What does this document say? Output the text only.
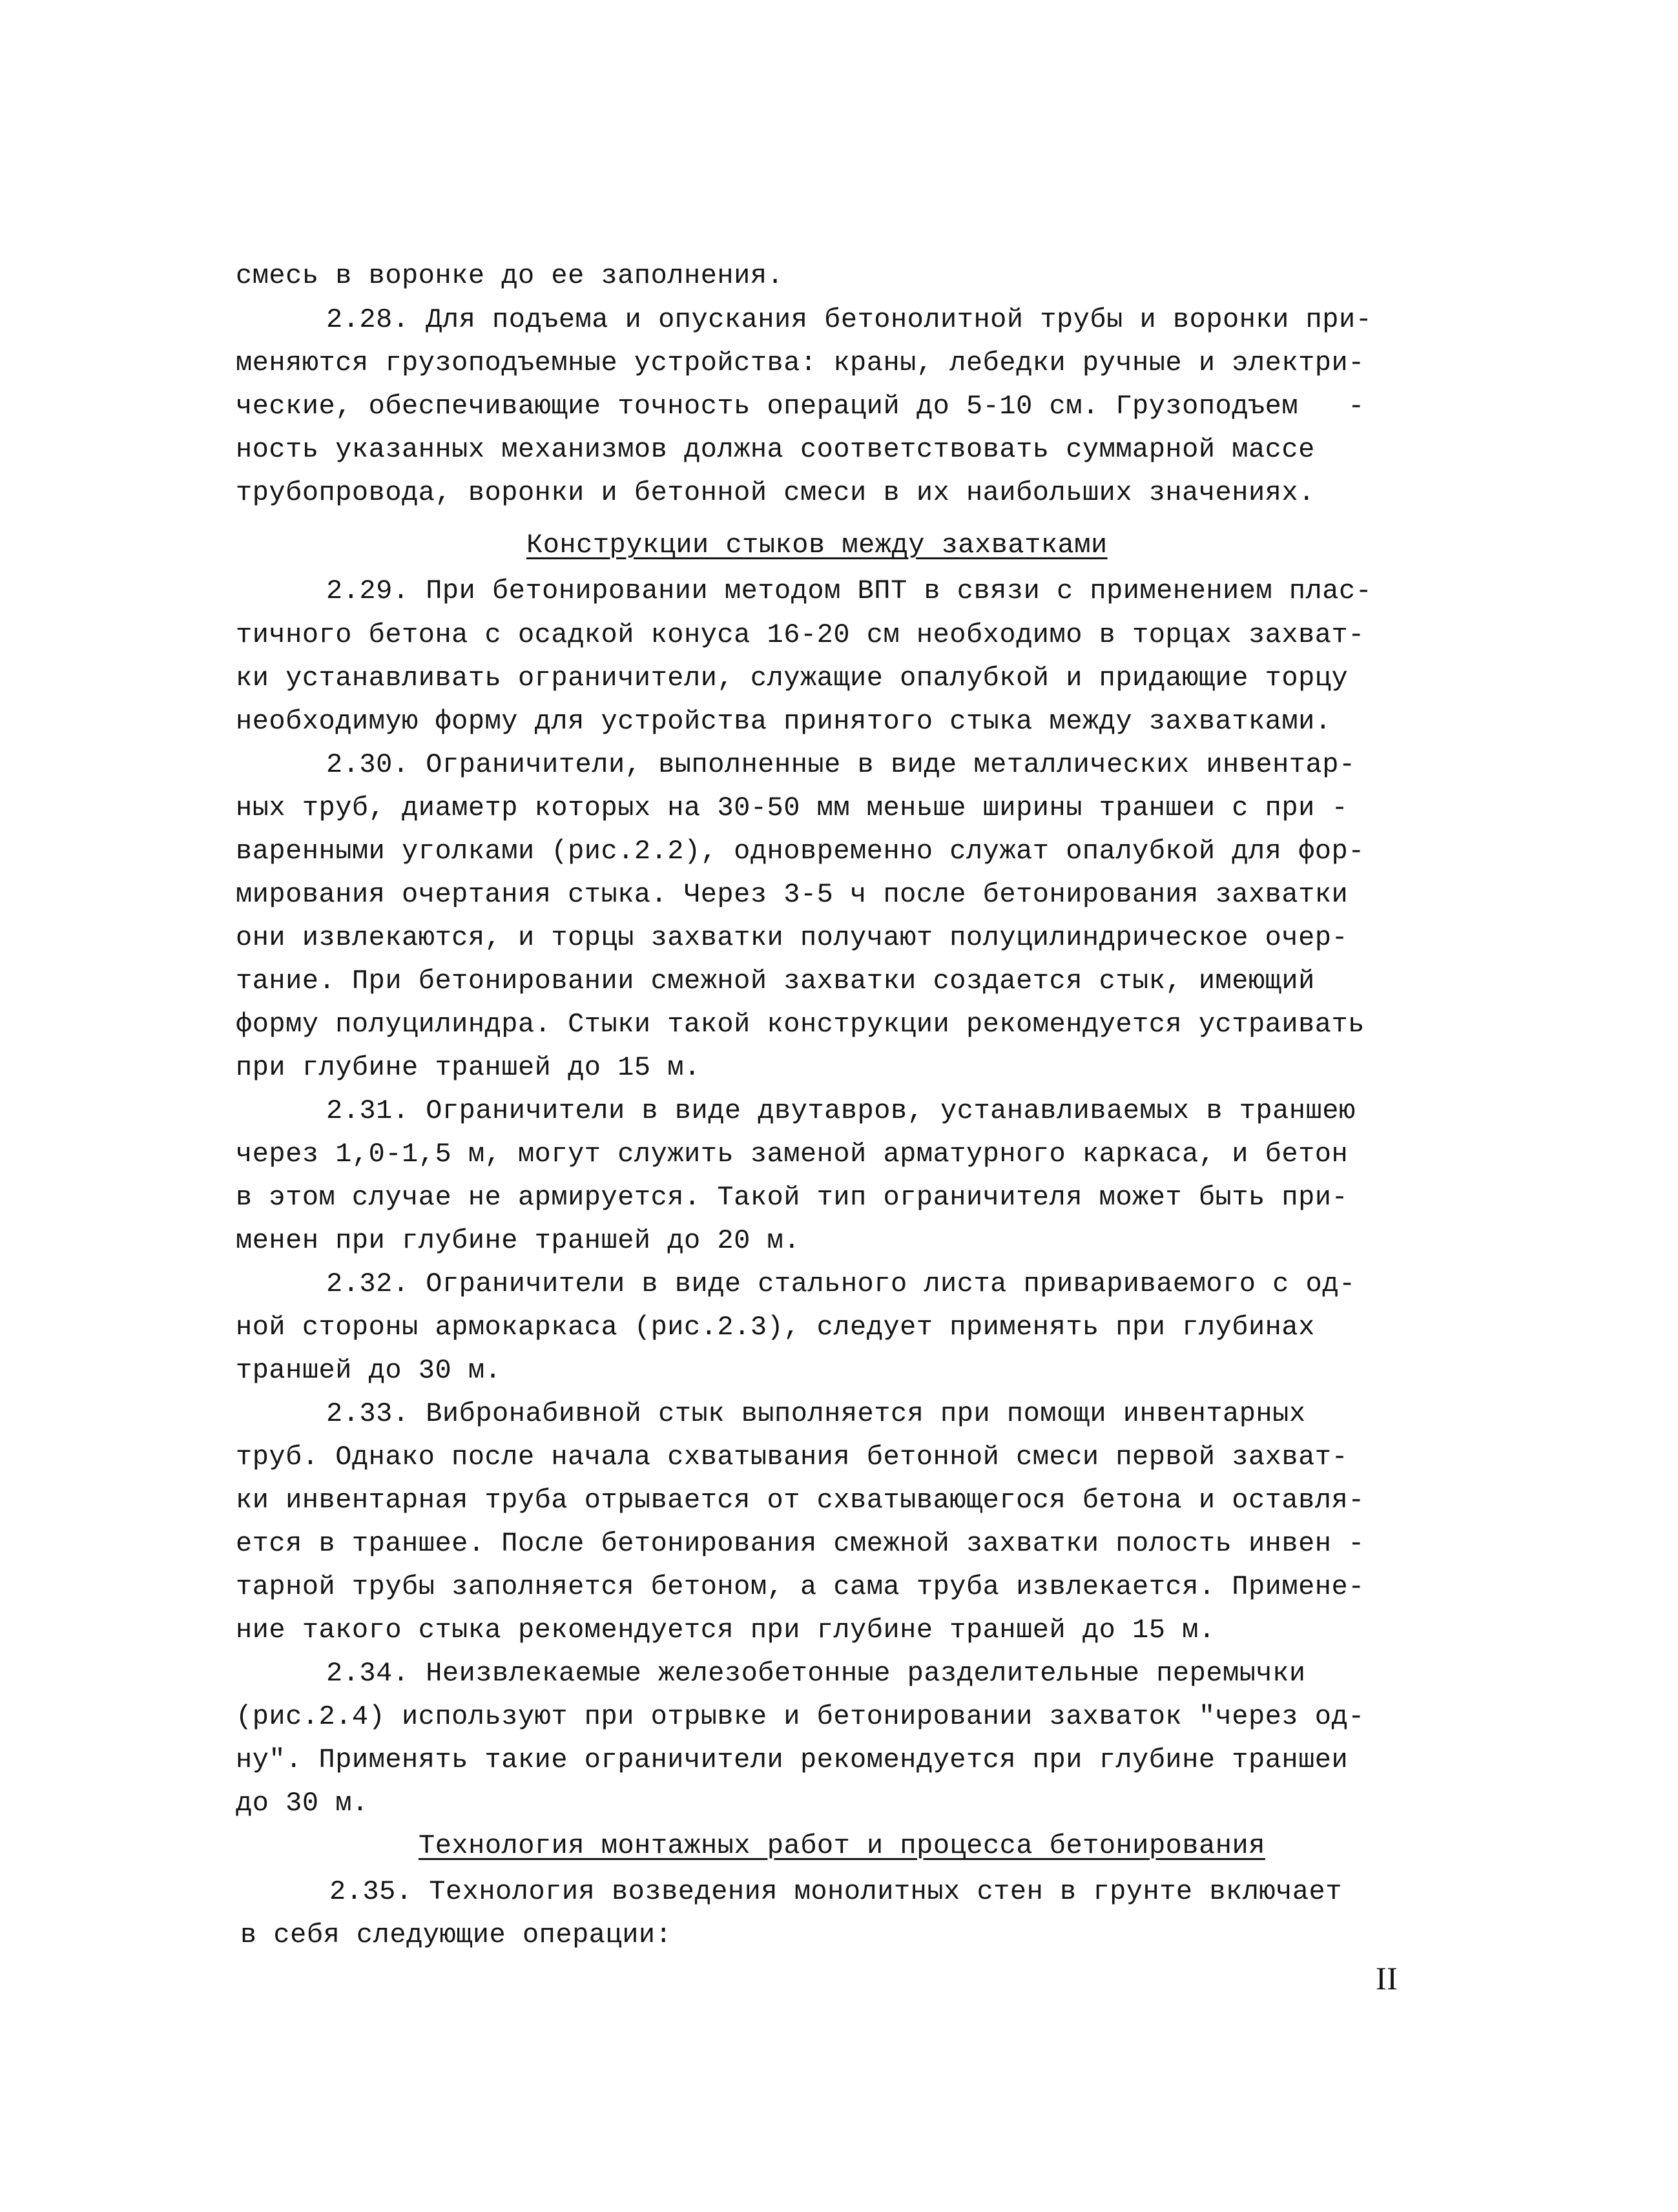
смесь в воронке до ее заполнения.
2.28. Для подъема и опускания бетонолитной трубы и воронки при-
меняются грузоподъемные устройства: краны, лебедки ручные и электри-
ческие, обеспечивающие точность операций до 5-10 см. Грузоподъем   -
ность указанных механизмов должна соответствовать суммарной массе
трубопровода, воронки и бетонной смеси в их наибольших значениях.
Конструкции стыков между захватками
2.29. При бетонировании методом ВПТ в связи с применением плас-
тичного бетона с осадкой конуса 16-20 см необходимо в торцах захват-
ки устанавливать ограничители, служащие опалубкой и придающие торцу
необходимую форму для устройства принятого стыка между захватками.
2.30. Ограничители, выполненные в виде металлических инвентар-
ных труб, диаметр которых на 30-50 мм меньше ширины траншеи с при -
варенными уголками (рис.2.2), одновременно служат опалубкой для фор-
мирования очертания стыка. Через 3-5 ч после бетонирования захватки
они извлекаются, и торцы захватки получают полуцилиндрическое очер-
тание. При бетонировании смежной захватки создается стык, имеющий
форму полуцилиндра. Стыки такой конструкции рекомендуется устраивать
при глубине траншей до 15 м.
2.31. Ограничители в виде двутавров, устанавливаемых в траншею
через 1,0-1,5 м, могут служить заменой арматурного каркаса, и бетон
в этом случае не армируется. Такой тип ограничителя может быть при-
менен при глубине траншей до 20 м.
2.32. Ограничители в виде стального листа привариваемого с од-
ной стороны армокаркаса (рис.2.3), следует применять при глубинах
траншей до 30 м.
2.33. Вибронабивной стык выполняется при помощи инвентарных
труб. Однако после начала схватывания бетонной смеси первой захват-
ки инвентарная труба отрывается от схватывающегося бетона и оставля-
ется в траншее. После бетонирования смежной захватки полость инвен -
тарной трубы заполняется бетоном, а сама труба извлекается. Примене-
ние такого стыка рекомендуется при глубине траншей до 15 м.
2.34. Неизвлекаемые железобетонные разделительные перемычки
(рис.2.4) используют при отрывке и бетонировании захваток "через од-
ну". Применять такие ограничители рекомендуется при глубине траншеи
до 30 м.
Технология монтажных работ и процесса бетонирования
2.35. Технология возведения монолитных стен в грунте включает
в себя следующие операции:
II
